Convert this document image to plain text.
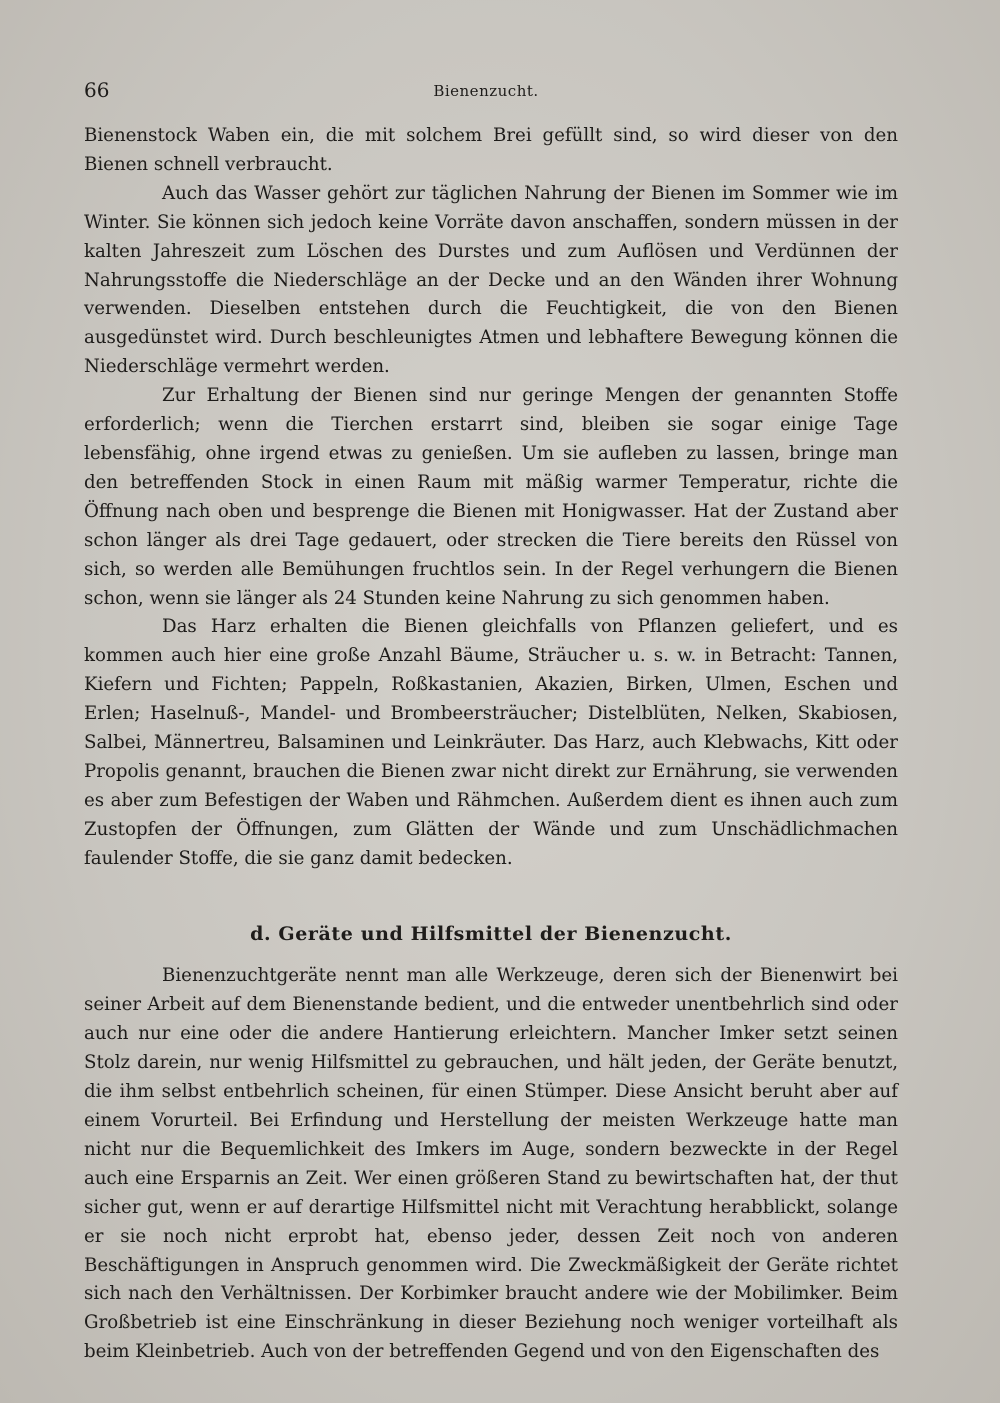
66	Bienenzucht.

Bienenstock Waben ein, die mit solchem Brei gefüllt sind, so wird dieser von den Bienen schnell verbraucht.

Auch das Wasser gehört zur täglichen Nahrung der Bienen im Sommer wie im Winter. Sie können sich jedoch keine Vorräte davon anschaffen, sondern müssen in der kalten Jahreszeit zum Löschen des Durstes und zum Auflösen und Verdünnen der Nahrungsstoffe die Niederschläge an der Decke und an den Wänden ihrer Wohnung verwenden. Dieselben entstehen durch die Feuchtigkeit, die von den Bienen ausgedünstet wird. Durch beschleunigtes Atmen und lebhaftere Bewegung können die Niederschläge vermehrt werden.

Zur Erhaltung der Bienen sind nur geringe Mengen der genannten Stoffe erforderlich; wenn die Tierchen erstarrt sind, bleiben sie sogar einige Tage lebensfähig, ohne irgend etwas zu genießen. Um sie aufleben zu lassen, bringe man den betreffenden Stock in einen Raum mit mäßig warmer Temperatur, richte die Öffnung nach oben und besprenge die Bienen mit Honigwasser. Hat der Zustand aber schon länger als drei Tage gedauert, oder strecken die Tiere bereits den Rüssel von sich, so werden alle Bemühungen fruchtlos sein. In der Regel verhungern die Bienen schon, wenn sie länger als 24 Stunden keine Nahrung zu sich genommen haben.

Das Harz erhalten die Bienen gleichfalls von Pflanzen geliefert, und es kommen auch hier eine große Anzahl Bäume, Sträucher u. s. w. in Betracht: Tannen, Kiefern und Fichten; Pappeln, Roßkastanien, Akazien, Birken, Ulmen, Eschen und Erlen; Haselnuß-, Mandel- und Brombeersträucher; Distelblüten, Nelken, Skabiosen, Salbei, Männertreu, Balsaminen und Leinkräuter. Das Harz, auch Klebwachs, Kitt oder Propolis genannt, brauchen die Bienen zwar nicht direkt zur Ernährung, sie verwenden es aber zum Befestigen der Waben und Rähmchen. Außerdem dient es ihnen auch zum Zustopfen der Öffnungen, zum Glätten der Wände und zum Unschädlichmachen faulender Stoffe, die sie ganz damit bedecken.

d. Geräte und Hilfsmittel der Bienenzucht.

Bienenzuchtgeräte nennt man alle Werkzeuge, deren sich der Bienenwirt bei seiner Arbeit auf dem Bienenstande bedient, und die entweder unentbehrlich sind oder auch nur eine oder die andere Hantierung erleichtern. Mancher Imker setzt seinen Stolz darein, nur wenig Hilfsmittel zu gebrauchen, und hält jeden, der Geräte benutzt, die ihm selbst entbehrlich scheinen, für einen Stümper. Diese Ansicht beruht aber auf einem Vorurteil. Bei Erfindung und Herstellung der meisten Werkzeuge hatte man nicht nur die Bequemlichkeit des Imkers im Auge, sondern bezweckte in der Regel auch eine Ersparnis an Zeit. Wer einen größeren Stand zu bewirtschaften hat, der thut sicher gut, wenn er auf derartige Hilfsmittel nicht mit Verachtung herabblickt, solange er sie noch nicht erprobt hat, ebenso jeder, dessen Zeit noch von anderen Beschäftigungen in Anspruch genommen wird. Die Zweckmäßigkeit der Geräte richtet sich nach den Verhältnissen. Der Korbimker braucht andere wie der Mobilimker. Beim Großbetrieb ist eine Einschränkung in dieser Beziehung noch weniger vorteilhaft als beim Kleinbetrieb. Auch von der betreffenden Gegend und von den Eigenschaften des
